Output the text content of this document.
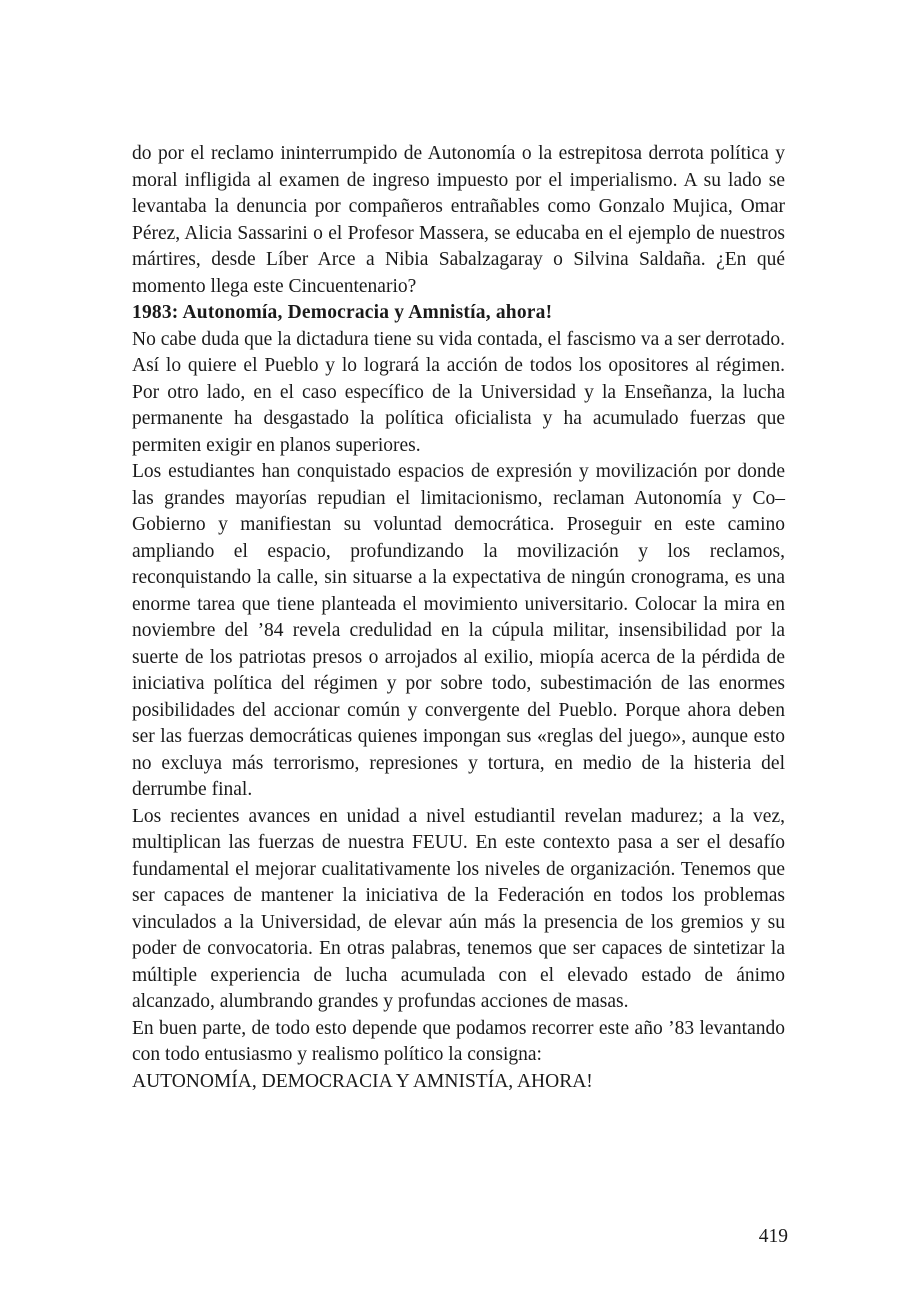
do por el reclamo ininterrumpido de Autonomía o la estrepitosa derrota política y moral infligida al examen de ingreso impuesto por el imperialismo. A su lado se levantaba la denuncia por compañeros entrañables como Gonzalo Mujica, Omar Pérez, Alicia Sassarini o el Profesor Massera, se educaba en el ejemplo de nuestros mártires, desde Líber Arce a Nibia Sabalzagaray o Silvina Saldaña. ¿En qué momento llega este Cincuentenario?

1983: Autonomía, Democracia y Amnistía, ahora!

No cabe duda que la dictadura tiene su vida contada, el fascismo va a ser derrotado. Así lo quiere el Pueblo y lo logrará la acción de todos los opositores al régimen. Por otro lado, en el caso específico de la Universidad y la Enseñanza, la lucha permanente ha desgastado la política oficialista y ha acumulado fuerzas que permiten exigir en planos superiores.

Los estudiantes han conquistado espacios de expresión y movilización por donde las grandes mayorías repudian el limitacionismo, reclaman Autonomía y Co–Gobierno y manifiestan su voluntad democrática. Proseguir en este camino ampliando el espacio, profundizando la movilización y los reclamos, reconquistando la calle, sin situarse a la expectativa de ningún cronograma, es una enorme tarea que tiene planteada el movimiento universitario. Colocar la mira en noviembre del ’84 revela credulidad en la cúpula militar, insensibilidad por la suerte de los patriotas presos o arrojados al exilio, miopía acerca de la pérdida de iniciativa política del régimen y por sobre todo, subestimación de las enormes posibilidades del accionar común y convergente del Pueblo. Porque ahora deben ser las fuerzas democráticas quienes impongan sus «reglas del juego», aunque esto no excluya más terrorismo, represiones y tortura, en medio de la histeria del derrumbe final.

Los recientes avances en unidad a nivel estudiantil revelan madurez; a la vez, multiplican las fuerzas de nuestra FEUU. En este contexto pasa a ser el desafío fundamental el mejorar cualitativamente los niveles de organización. Tenemos que ser capaces de mantener la iniciativa de la Federación en todos los problemas vinculados a la Universidad, de elevar aún más la presencia de los gremios y su poder de convocatoria. En otras palabras, tenemos que ser capaces de sintetizar la múltiple experiencia de lucha acumulada con el elevado estado de ánimo alcanzado, alumbrando grandes y profundas acciones de masas.

En buen parte, de todo esto depende que podamos recorrer este año ’83 levantando con todo entusiasmo y realismo político la consigna:

AUTONOMÍA, DEMOCRACIA Y AMNISTÍA, AHORA!

419
